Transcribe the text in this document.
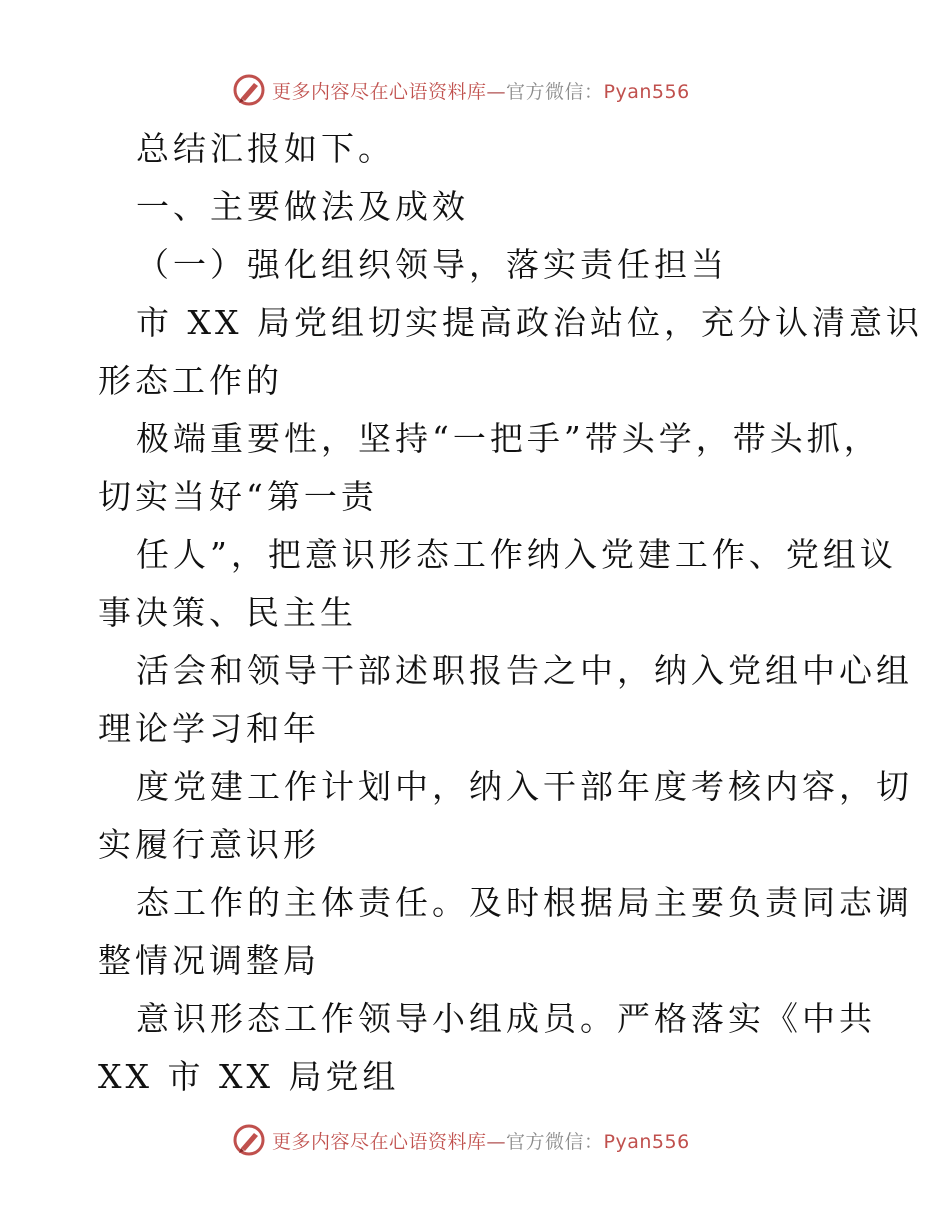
更多内容尽在心语资料库—官方微信：Pyan556
总结汇报如下。
一、主要做法及成效
（一）强化组织领导，落实责任担当
市 XX 局党组切实提高政治站位，充分认清意识
形态工作的
极端重要性，坚持“一把手”带头学，带头抓，
切实当好“第一责
任人”，把意识形态工作纳入党建工作、党组议
事决策、民主生
活会和领导干部述职报告之中，纳入党组中心组
理论学习和年
度党建工作计划中，纳入干部年度考核内容，切
实履行意识形
态工作的主体责任。及时根据局主要负责同志调
整情况调整局
意识形态工作领导小组成员。严格落实《中共
XX 市 XX 局党组
更多内容尽在心语资料库—官方微信：Pyan556
